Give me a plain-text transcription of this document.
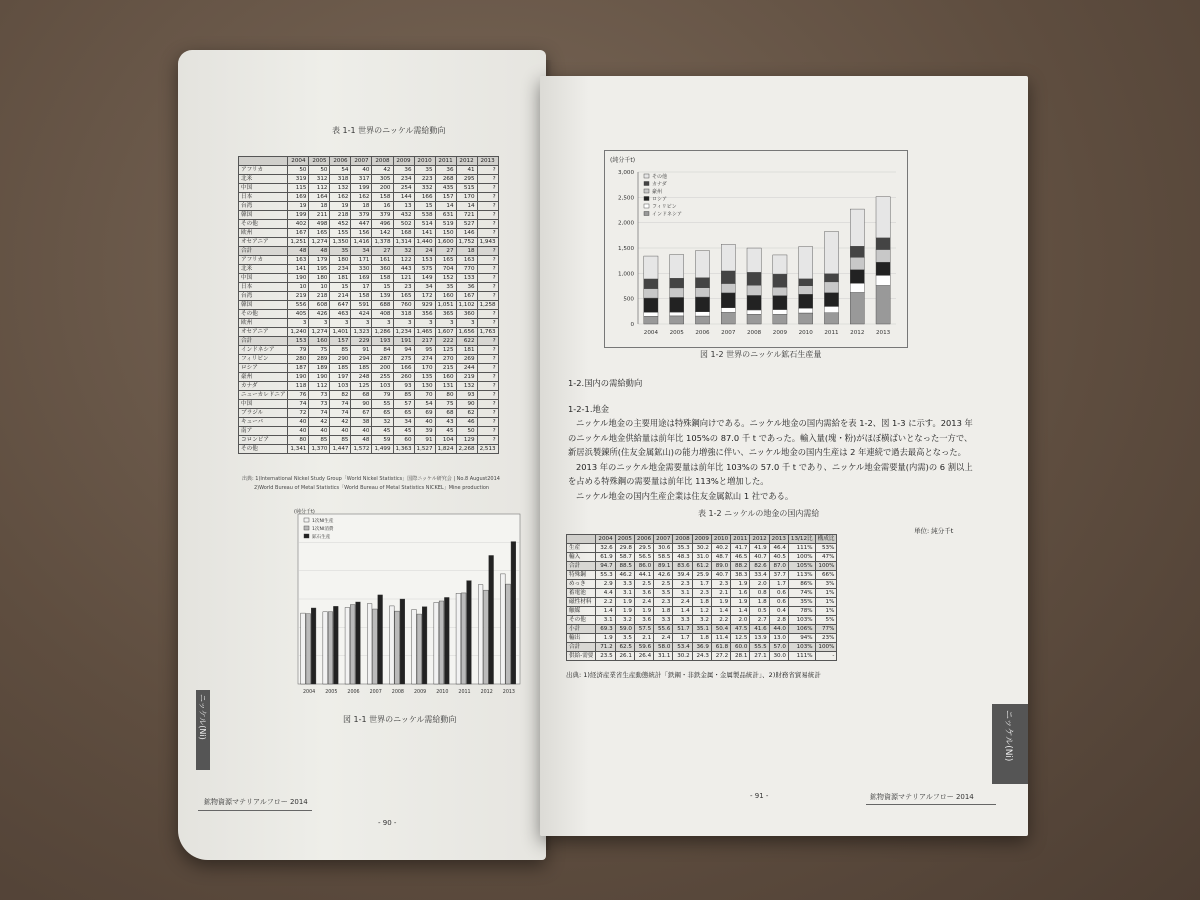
表 1-1 世界のニッケル需給動向
	2004	2005	2006	2007	2008	2009	2010	2011	2012	2013
アフリカ	50	50	54	40	42	36	35	36	41	?
北米	319	312	318	317	305	234	223	268	295	?
中国	115	112	132	199	200	254	332	435	515	?
日本	169	164	162	162	158	144	166	157	170	?
台湾	19	18	19	18	16	13	15	14	14	?
韓国	199	211	218	379	379	432	538	631	721	?
その他	402	498	452	447	496	502	514	519	527	?
欧州	167	165	155	156	142	168	141	150	146	?
オセアニア	1,251	1,274	1,350	1,416	1,378	1,314	1,440	1,600	1,752	1,943
合計	48	48	35	34	27	32	24	27	18	?
アフリカ	163	179	180	171	161	122	153	165	163	?
北米	141	195	234	330	360	443	575	704	770	?
中国	190	180	181	169	158	121	149	152	133	?
日本	10	10	15	17	15	23	34	35	36	?
台湾	219	218	214	158	139	165	172	160	167	?
韓国	556	608	647	591	688	760	929	1,051	1,102	1,258
その他	405	426	463	424	408	318	356	365	360	?
欧州	3	3	3	3	3	3	3	3	3	?
オセアニア	1,240	1,274	1,401	1,323	1,286	1,234	1,465	1,607	1,656	1,763
合計	153	160	157	229	193	191	217	222	622	?
インドネシア	79	75	85	91	84	94	95	125	181	?
フィリピン	280	289	290	294	287	275	274	270	269	?
ロシア	187	189	185	185	200	166	170	215	244	?
豪州	190	190	197	248	255	260	135	160	219	?
カナダ	118	112	103	125	103	93	130	131	132	?
ニューカレドニア	76	73	82	68	79	85	70	80	93	?
中国	74	73	74	90	55	57	54	75	90	?
ブラジル	72	74	74	67	65	65	69	68	62	?
キューバ	40	42	42	38	32	34	40	43	46	?
南ア	40	40	40	40	45	45	39	45	50	?
コロンビア	80	85	85	48	59	60	91	104	129	?
その他	1,341	1,370	1,447	1,572	1,499	1,363	1,527	1,824	2,268	2,513
出典: 1)International Nickel Study Group「World Nickel Statistics」国際ニッケル研究会 | No.8 August2014
2)World Bureau of Metal Statistics「World Bureau of Metal Statistics NICKEL」Mine production
(純分千t)
2004 2005 2006 2007 2008 2009 2010 2011 2012 2013
1次NI生産
1次NI消費
鉱石生産
図 1-1 世界のニッケル需給動向
ニッケル(Ni)
鉱物資源マテリアルフロー 2014
- 90 -
(純分千t)
0
500
1,000
1,500
2,000
2,500
3,000
2004 2005 2006 2007 2008 2009 2010 2011 2012 2013
その他
カナダ
豪州
ロシア
フィリピン
インドネシア
図 1-2 世界のニッケル鉱石生産量
1-2.国内の需給動向
1-2-1.地金
ニッケル地金の主要用途は特殊鋼向けである。ニッケル地金の国内需給を表 1-2、図 1-3 に示す。2013 年
のニッケル地金供給量は前年比 105%の 87.0 千 t であった。輸入量(塊・粉)がほぼ横ばいとなった一方で、
新居浜製錬所(住友金属鉱山)の能力増強に伴い、ニッケル地金の国内生産は 2 年連続で過去最高となった。
2013 年のニッケル地金需要量は前年比 103%の 57.0 千 t であり、ニッケル地金需要量(内需)の 6 割以上
を占める特殊鋼の需要量は前年比 113%と増加した。
ニッケル地金の国内生産企業は住友金属鉱山 1 社である。
表 1-2 ニッケルの地金の国内需給
単位: 純分千t
	2004	2005	2006	2007	2008	2009	2010	2011	2012	2013	13/12比	構成比
生産	32.6	29.8	29.5	30.6	35.3	30.2	40.2	41.7	41.9	46.4	111%	53%
輸入	61.9	58.7	56.5	58.5	48.3	31.0	48.7	46.5	40.7	40.5	100%	47%
合計	94.7	88.5	86.0	89.1	83.6	61.2	89.0	88.2	82.6	87.0	105%	100%
特殊鋼	55.3	46.2	44.1	42.6	39.4	25.9	40.7	38.3	33.4	37.7	113%	66%
めっき	2.9	3.3	2.5	2.5	2.3	1.7	2.3	1.9	2.0	1.7	86%	3%
蓄電池	4.4	3.1	3.6	3.5	3.1	2.3	2.1	1.6	0.8	0.6	74%	1%
磁性材料	2.2	1.9	2.4	2.3	2.4	1.8	1.9	1.9	1.8	0.6	35%	1%
触媒	1.4	1.9	1.9	1.8	1.4	1.2	1.4	1.4	0.5	0.4	78%	1%
その他	3.1	3.2	3.6	3.3	3.3	3.2	2.2	2.0	2.7	2.8	103%	5%
小計	69.3	59.0	57.5	55.6	51.7	35.1	50.4	47.5	41.6	44.0	106%	77%
輸出	1.9	3.5	2.1	2.4	1.7	1.8	11.4	12.5	13.9	13.0	94%	23%
合計	71.2	62.5	59.6	58.0	53.4	36.9	61.8	60.0	55.5	57.0	103%	100%
供給-需要	23.5	26.1	26.4	31.1	30.2	24.3	27.2	28.1	27.1	30.0	111%	-
出典: 1)経済産業省生産動態統計「鉄鋼・非鉄金属・金属製品統計」、2)財務省貿易統計
ニッケル(Ni)
- 91 -	鉱物資源マテリアルフロー 2014
